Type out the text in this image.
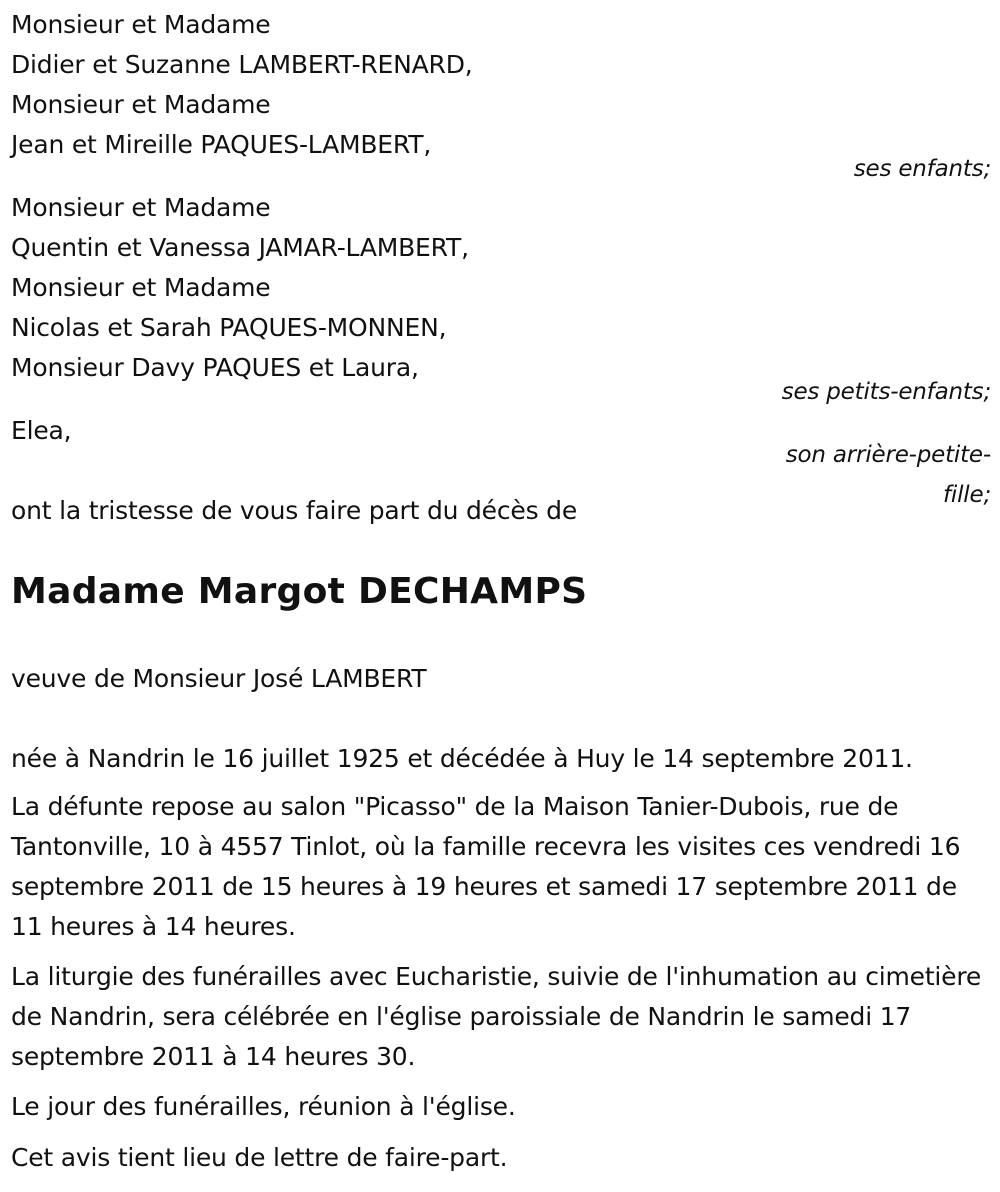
Monsieur et Madame
Didier et Suzanne LAMBERT-RENARD,
Monsieur et Madame
Jean et Mireille PAQUES-LAMBERT,
ses enfants;
Monsieur et Madame
Quentin et Vanessa JAMAR-LAMBERT,
Monsieur et Madame
Nicolas et Sarah PAQUES-MONNEN,
Monsieur Davy PAQUES et Laura,
ses petits-enfants;
Elea,
son arrière-petite-
fille;
ont la tristesse de vous faire part du décès de
Madame Margot DECHAMPS
veuve de Monsieur José LAMBERT
née à Nandrin le 16 juillet 1925 et décédée à Huy le 14 septembre 2011.
La défunte repose au salon "Picasso" de la Maison Tanier-Dubois, rue de Tantonville, 10 à 4557 Tinlot, où la famille recevra les visites ces vendredi 16 septembre 2011 de 15 heures à 19 heures et samedi 17 septembre 2011 de 11 heures à 14 heures.
La liturgie des funérailles avec Eucharistie, suivie de l'inhumation au cimetière de Nandrin, sera célébrée en l'église paroissiale de Nandrin le samedi 17 septembre 2011 à 14 heures 30.
Le jour des funérailles, réunion à l'église.
Cet avis tient lieu de lettre de faire-part.
